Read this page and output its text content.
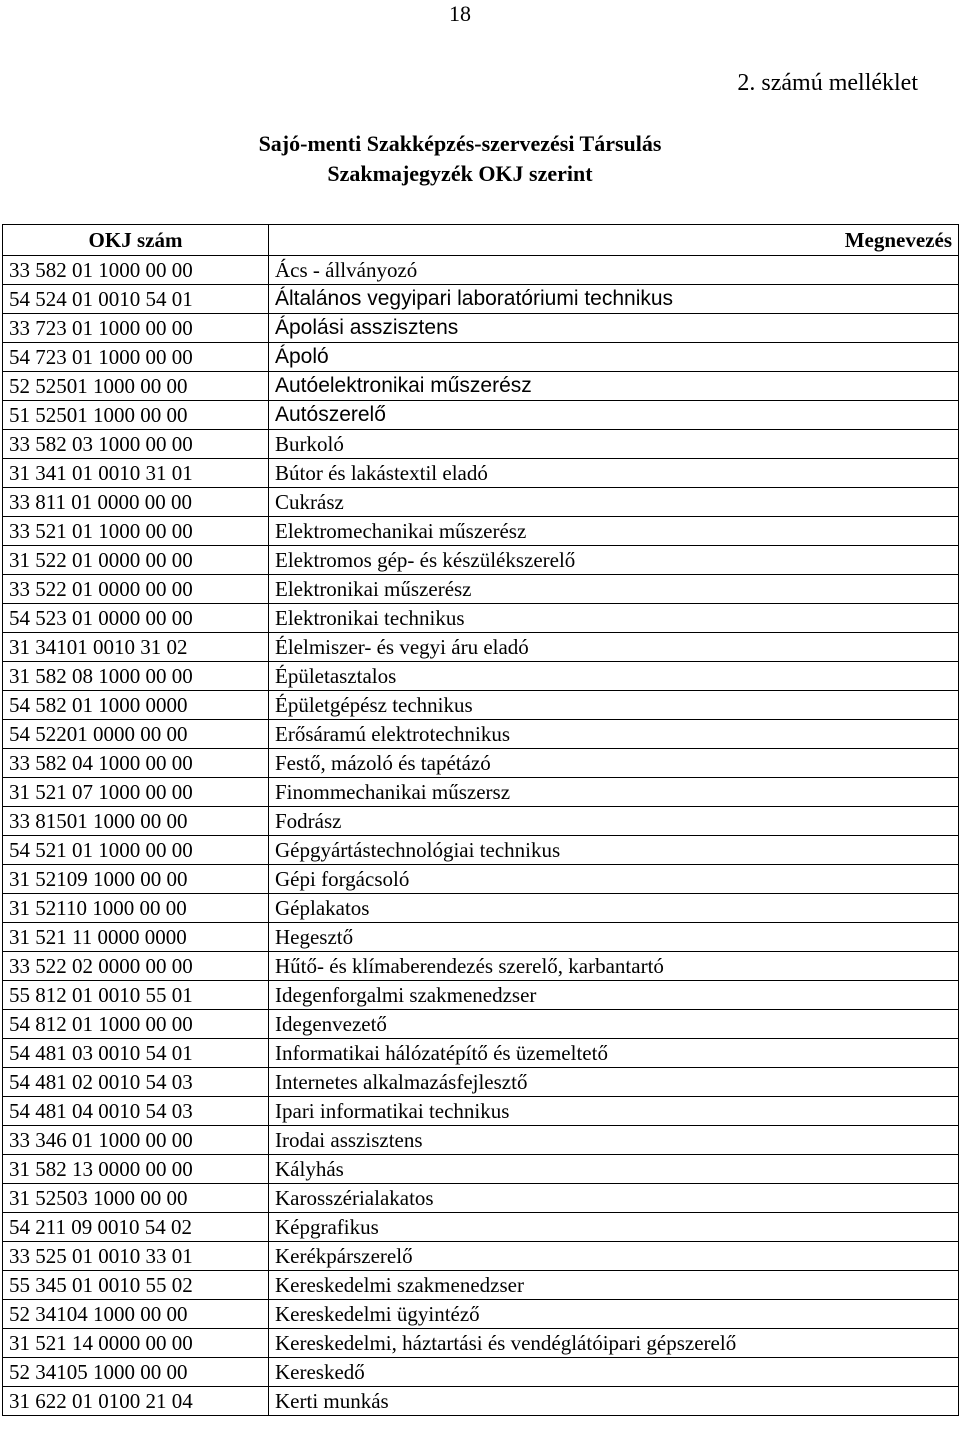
18
2. számú melléklet
Sajó-menti Szakképzés-szervezési Társulás
Szakmajegyzék OKJ szerint
OKJ szám	Megnevezés
33 582 01 1000 00 00	Ács - állványozó
54 524 01 0010 54 01	Általános vegyipari laboratóriumi technikus
33 723 01 1000 00 00	Ápolási asszisztens
54 723 01 1000 00 00	Ápoló
52 52501 1000 00 00	Autóelektronikai műszerész
51 52501 1000 00 00	Autószerelő
33 582 03 1000 00 00	Burkoló
31 341 01 0010 31 01	Bútor és lakástextil eladó
33 811 01 0000 00 00	Cukrász
33 521 01 1000 00 00	Elektromechanikai műszerész
31 522 01 0000 00 00	Elektromos gép- és készülékszerelő
33 522 01 0000 00 00	Elektronikai műszerész
54 523 01 0000 00 00	Elektronikai technikus
31 34101 0010 31 02	Élelmiszer- és vegyi áru eladó
31 582 08 1000 00 00	Épületasztalos
54 582 01 1000 0000	Épületgépész technikus
54 52201 0000 00 00	Erősáramú elektrotechnikus
33 582 04 1000 00 00	Festő, mázoló és tapétázó
31 521 07 1000 00 00	Finommechanikai műszersz
33 81501 1000 00 00	Fodrász
54 521 01 1000 00 00	Gépgyártástechnológiai technikus
31 52109 1000 00 00	Gépi forgácsoló
31 52110 1000 00 00	Géplakatos
31 521 11 0000 0000	Hegesztő
33 522 02 0000 00 00	Hűtő- és klímaberendezés szerelő, karbantartó
55 812 01 0010 55 01	Idegenforgalmi szakmenedzser
54 812 01 1000 00 00	Idegenvezető
54 481 03 0010 54 01	Informatikai hálózatépítő és üzemeltető
54 481 02 0010 54 03	Internetes alkalmazásfejlesztő
54 481 04 0010 54 03	Ipari informatikai technikus
33 346 01 1000 00 00	Irodai asszisztens
31 582 13 0000 00 00	Kályhás
31 52503 1000 00 00	Karosszérialakatos
54 211 09 0010 54 02	Képgrafikus
33 525 01 0010 33 01	Kerékpárszerelő
55 345 01 0010 55 02	Kereskedelmi szakmenedzser
52 34104 1000 00 00	Kereskedelmi ügyintéző
31 521 14 0000 00 00	Kereskedelmi, háztartási és vendéglátóipari gépszerelő
52 34105 1000 00 00	Kereskedő
31 622 01 0100 21 04	Kerti munkás
